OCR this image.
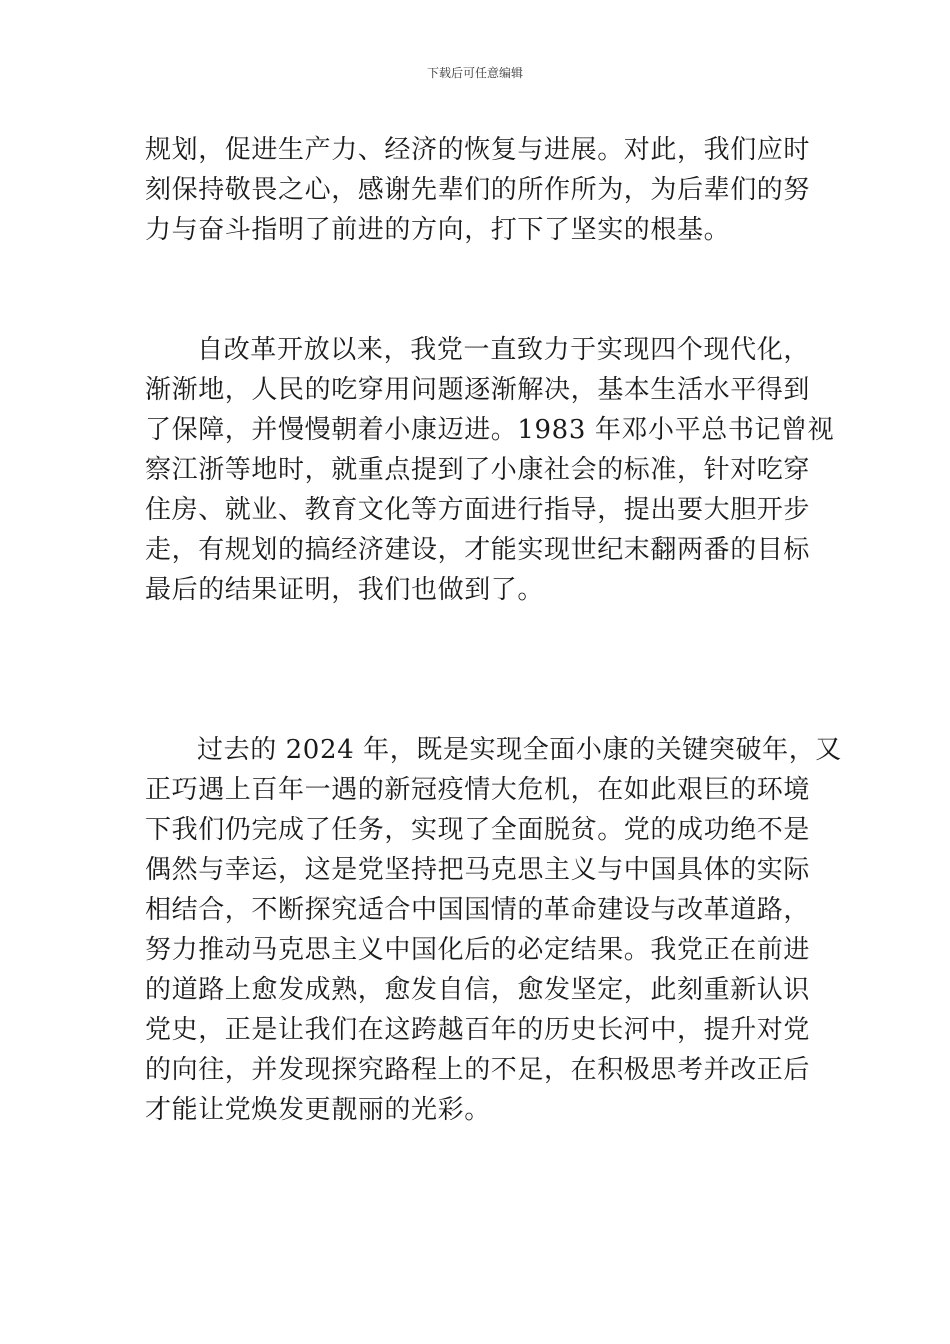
下载后可任意编辑
规划，促进生产力、经济的恢复与进展。对此，我们应时
刻保持敬畏之心，感谢先辈们的所作所为，为后辈们的努
力与奋斗指明了前进的方向，打下了坚实的根基。
自改革开放以来，我党一直致力于实现四个现代化，
渐渐地，人民的吃穿用问题逐渐解决，基本生活水平得到
了保障，并慢慢朝着小康迈进。1983 年邓小平总书记曾视
察江浙等地时，就重点提到了小康社会的标准，针对吃穿
住房、就业、教育文化等方面进行指导，提出要大胆开步
走，有规划的搞经济建设，才能实现世纪末翻两番的目标
最后的结果证明，我们也做到了。
过去的 2024 年，既是实现全面小康的关键突破年，又
正巧遇上百年一遇的新冠疫情大危机，在如此艰巨的环境
下我们仍完成了任务，实现了全面脱贫。党的成功绝不是
偶然与幸运，这是党坚持把马克思主义与中国具体的实际
相结合，不断探究适合中国国情的革命建设与改革道路，
努力推动马克思主义中国化后的必定结果。我党正在前进
的道路上愈发成熟，愈发自信，愈发坚定，此刻重新认识
党史，正是让我们在这跨越百年的历史长河中，提升对党
的向往，并发现探究路程上的不足，在积极思考并改正后
才能让党焕发更靓丽的光彩。
